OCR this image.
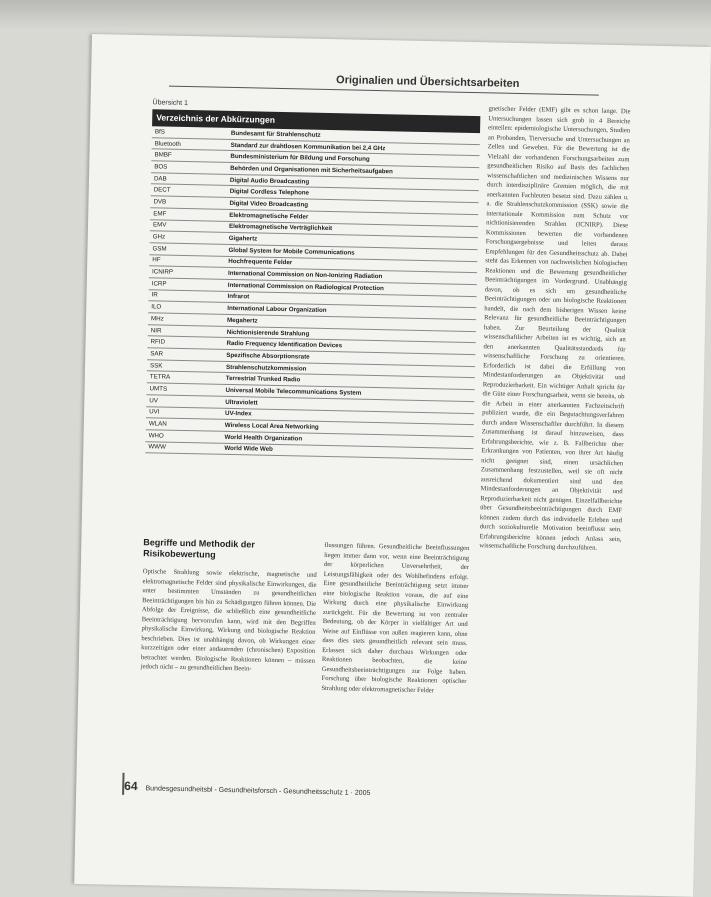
Originalien und Übersichtsarbeiten
Übersicht 1
Verzeichnis der Abkürzungen
BfS	Bundesamt für Strahlenschutz
Bluetooth	Standard zur drahtlosen Kommunikation bei 2,4 GHz
BMBF	Bundesministerium für Bildung und Forschung
BOS	Behörden und Organisationen mit Sicherheitsaufgaben
DAB	Digital Audio Broadcasting
DECT	Digital Cordless Telephone
DVB	Digital Video Broadcasting
EMF	Elektromagnetische Felder
EMV	Elektromagnetische Verträglichkeit
GHz	Gigahertz
GSM	Global System for Mobile Communications
HF	Hochfrequente Felder
ICNIRP	International Commission on Non-Ionizing Radiation
ICRP	International Commission on Radiological Protection
IR	Infrarot
ILO	International Labour Organization
MHz	Megahertz
NIR	Nichtionisierende Strahlung
RFID	Radio Frequency Identification Devices
SAR	Spezifische Absorptionsrate
SSK	Strahlenschutzkommission
TETRA	Terrestrial Trunked Radio
UMTS	Universal Mobile Telecommunications System
UV	Ultraviolett
UVI	UV-Index
WLAN	Wireless Local Area Networking
WHO	World Health Organization
WWW	World Wide Web
Begriffe und Methodik der Risikobewertung

Optische Strahlung sowie elektrische, magnetische und elektromagnetische Felder sind physikalische Einwirkungen, die unter bestimmten Umständen zu gesundheitlichen Beeinträchtigungen bis hin zu Schädigungen führen können. Die Abfolge der Ereignisse, die schließlich eine gesundheitliche Beeinträchtigung hervorrufen kann, wird mit den Begriffen physikalische Einwirkung, Wirkung und biologische Reaktion beschrieben. Dies ist unabhängig davon, ob Wirkungen einer kurzzeitigen oder einer andauernden (chronischen) Exposition betrachtet werden. Biologische Reaktionen können – müssen jedoch nicht – zu gesundheitlichen Beein-

flussungen führen. Gesundheitliche Beeinflussungen liegen immer dann vor, wenn eine Beeinträchtigung der körperlichen Unversehrtheit, der Leistungsfähigkeit oder des Wohlbefindens erfolgt. Eine gesundheitliche Beeinträchtigung setzt immer eine biologische Reaktion voraus, die auf eine Wirkung durch eine physikalische Einwirkung zurückgeht. Für die Bewertung ist von zentraler Bedeutung, ob der Körper in vielfältiger Art und Weise auf Einflüsse von außen reagieren kann, ohne dass dies stets gesundheitlich relevant sein muss. Erlassen sich daher durchaus Wirkungen oder Reaktionen beobachten, die keine Gesundheitsbeeinträchtigungen zur Folge haben. Forschung über biologische Reaktionen optischer Strahlung oder elektromagnetischer Felder

gnetischer Felder (EMF) gibt es schon lange. Die Untersuchungen lassen sich grob in 4 Bereiche einteilen: epidemiologische Untersuchungen, Studien an Probanden, Tierversuche und Untersuchungen an Zellen und Geweben. Für die Bewertung ist die Vielzahl der vorhandenen Forschungsarbeiten zum gesundheitlichen Risiko auf Basis des fachlichen wissenschaftlichen und medizinischen Wissens nur durch interdisziplinäre Gremien möglich, die mit anerkannten Fachleuten besetzt sind. Dazu zählen u. a. die Strahlenschutzkommission (SSK) sowie die internationale Kommission zum Schutz vor nichtionisierenden Strahlen (ICNIRP). Diese Kommissionen bewerten die vorhandenen Forschungsergebnisse und leiten daraus Empfehlungen für den Gesundheitsschutz ab. Dabei steht das Erkennen von nachweislichen biologischen Reaktionen und die Bewertung gesundheitlicher Beeinträchtigungen im Vordergrund. Unabhängig davon, ob es sich um gesundheitliche Beeinträchtigungen oder um biologische Reaktionen handelt, die nach dem bisherigen Wissen keine Relevanz für gesundheitliche Beeinträchtigungen haben. Zur Beurteilung der Qualität wissenschaftlicher Arbeiten ist es wichtig, sich an den anerkannten Qualitätsstandards für wissenschaftliche Forschung zu orientieren. Erforderlich ist dabei die Erfüllung von Mindestanforderungen an Objektivität und Reproduzierbarkeit. Ein wichtiger Anhalt spricht für die Güte einer Forschungsarbeit, wenn sie bereits, ob die Arbeit in einer anerkannten Fachzeitschrift publiziert wurde, die ein Begutachtungsverfahren durch andere Wissenschaftler durchführt. In diesem Zusammenhang ist darauf hinzuweisen, dass Erfahrungsberichte, wie z. B. Fallberichte über Erkrankungen von Patienten, von ihrer Art häufig nicht geeignet sind, einen ursächlichen Zusammenhang festzustellen, weil sie oft nicht ausreichend dokumentiert sind und den Mindestanforderungen an Objektivität und Reproduzierbarkeit nicht genügen. Einzelfallberichte über Gesundheitsbeeinträchtigungen durch EMF können zudem durch das individuelle Erleben und durch soziokulturelle Motivation beeinflusst sein. Erfahrungsberichte können jedoch Anlass sein, wissenschaftliche Forschung durchzuführen.

64 Bundesgesundheitsbl - Gesundheitsforsch - Gesundheitsschutz 1 · 2005
